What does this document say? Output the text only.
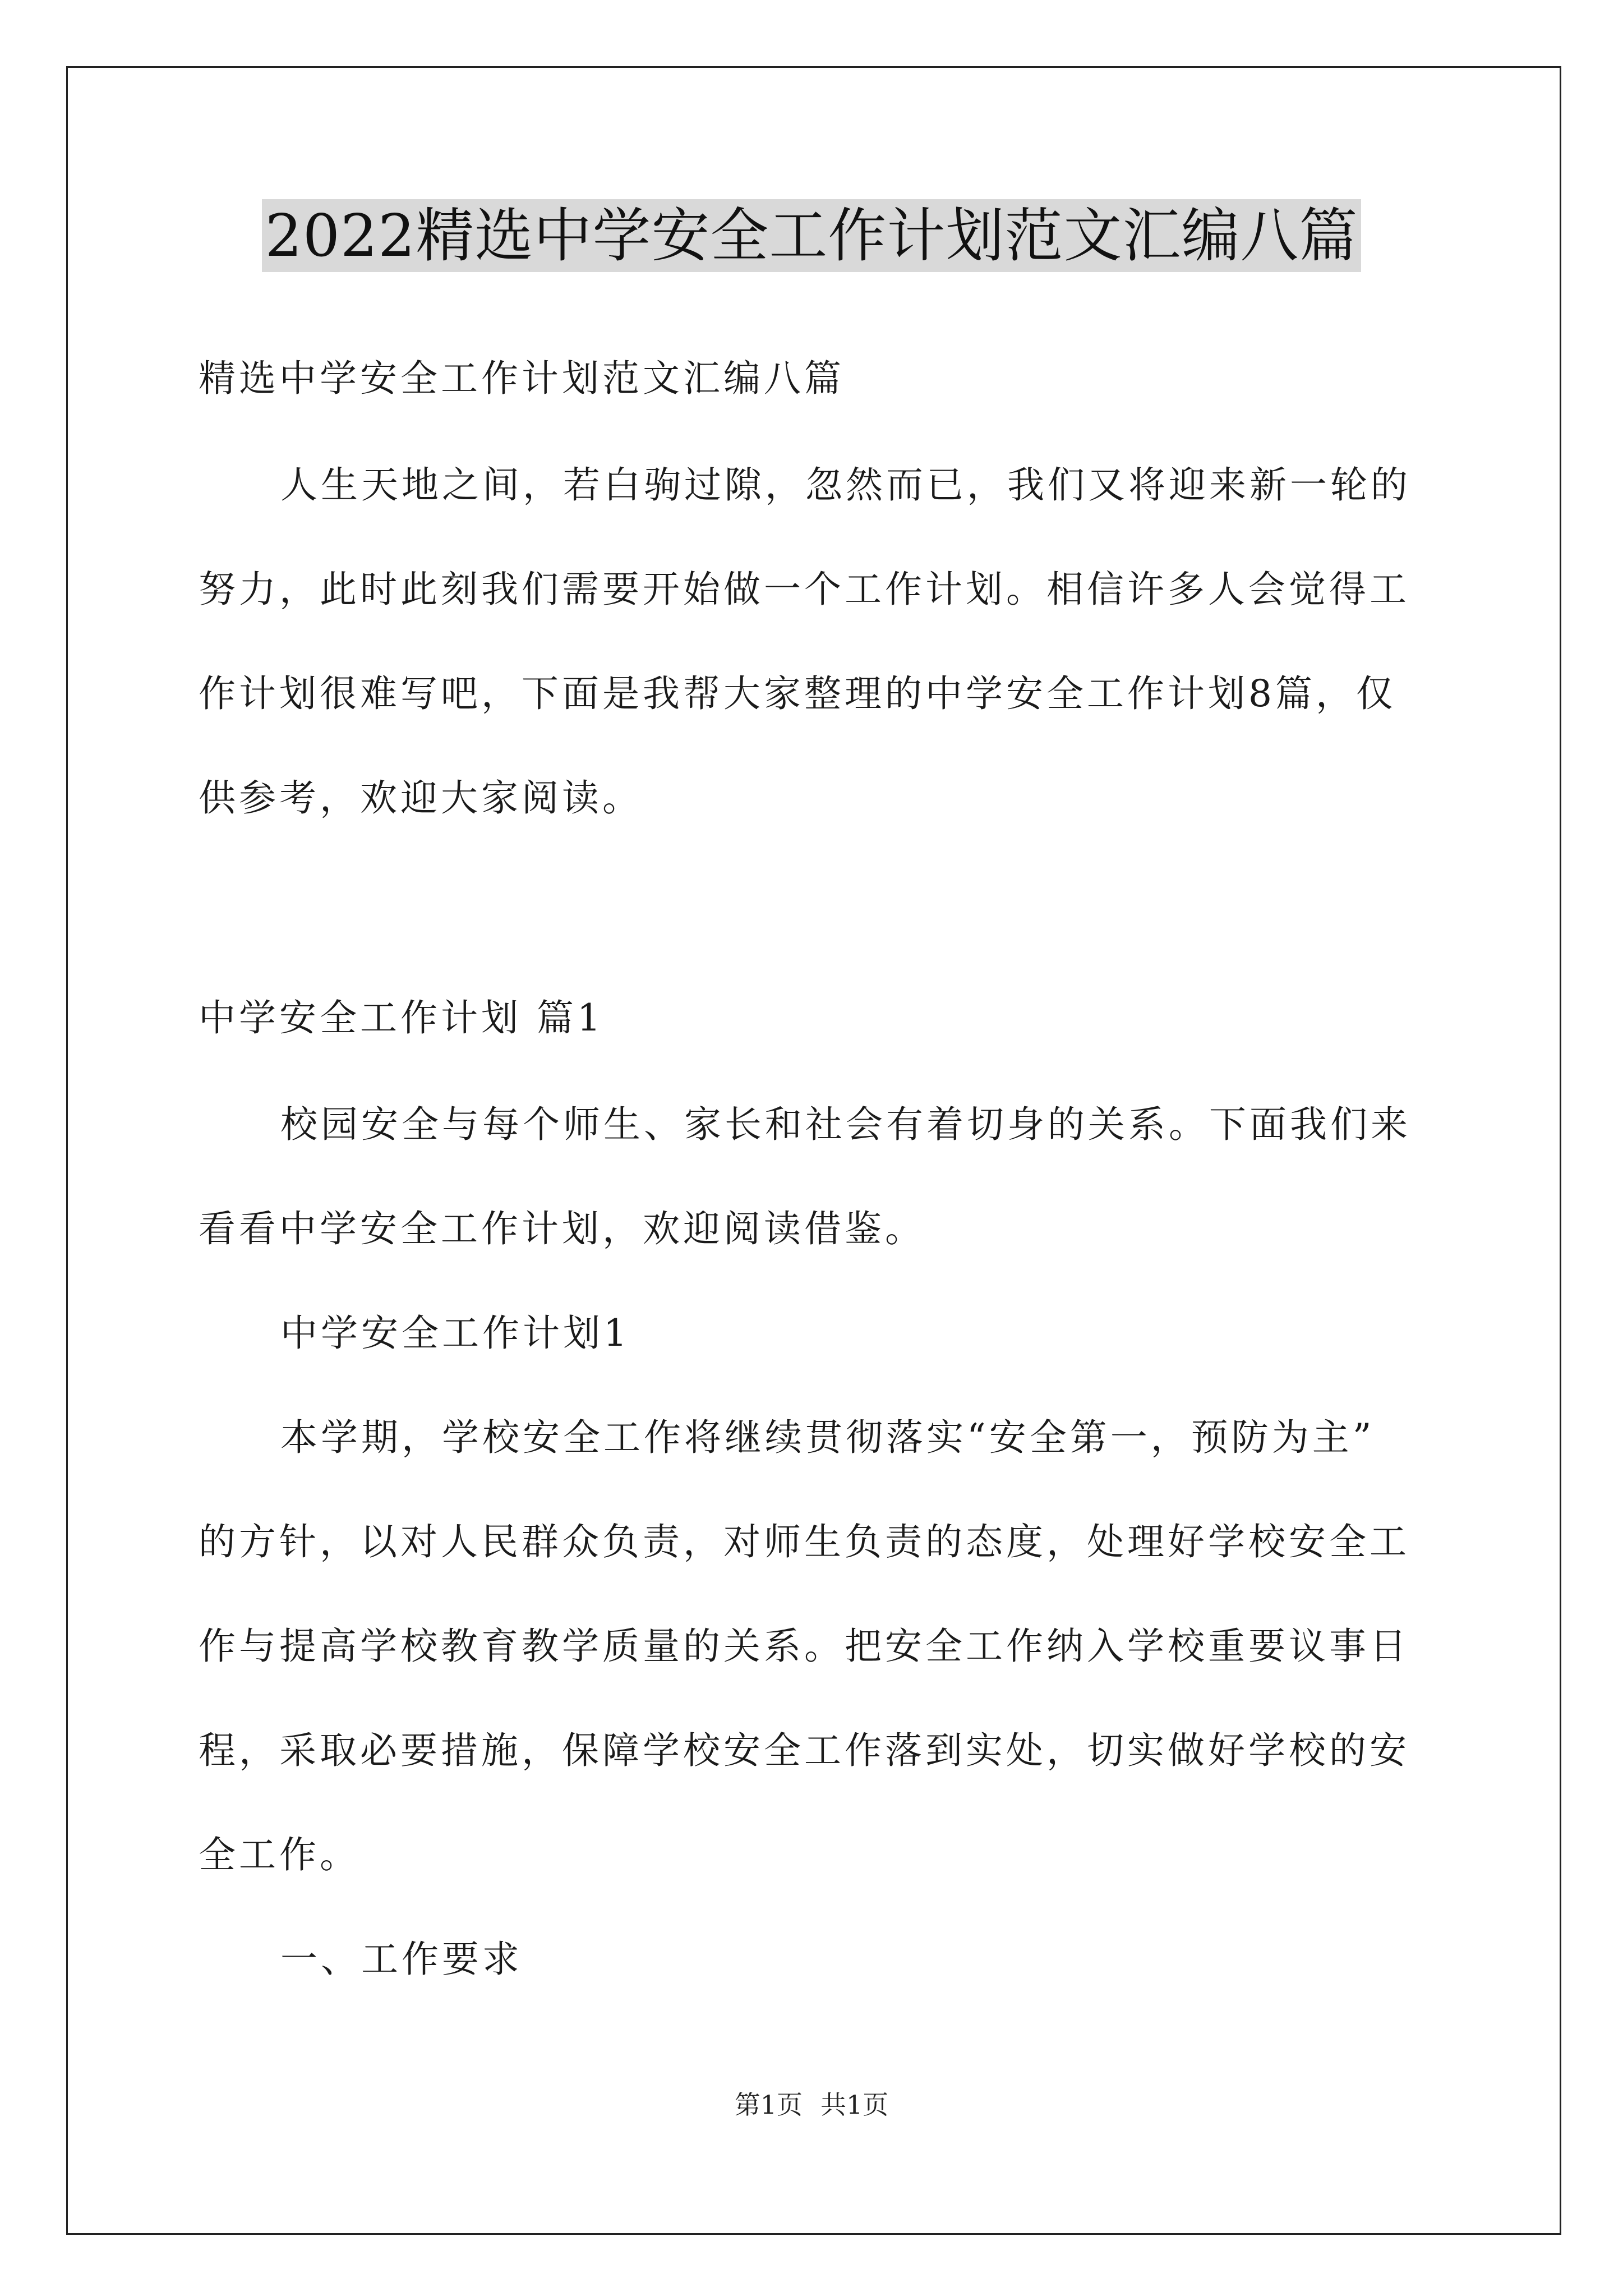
2022精选中学安全工作计划范文汇编八篇
精选中学安全工作计划范文汇编八篇
人生天地之间，若白驹过隙，忽然而已，我们又将迎来新一轮的
努力，此时此刻我们需要开始做一个工作计划。相信许多人会觉得工
作计划很难写吧，下面是我帮大家整理的中学安全工作计划8篇，仅
供参考，欢迎大家阅读。
中学安全工作计划 篇1
校园安全与每个师生、家长和社会有着切身的关系。下面我们来
看看中学安全工作计划，欢迎阅读借鉴。
中学安全工作计划1
本学期，学校安全工作将继续贯彻落实“安全第一，预防为主”
的方针，以对人民群众负责，对师生负责的态度，处理好学校安全工
作与提高学校教育教学质量的关系。把安全工作纳入学校重要议事日
程，采取必要措施，保障学校安全工作落到实处，切实做好学校的安
全工作。
一、工作要求
第1页 共1页
